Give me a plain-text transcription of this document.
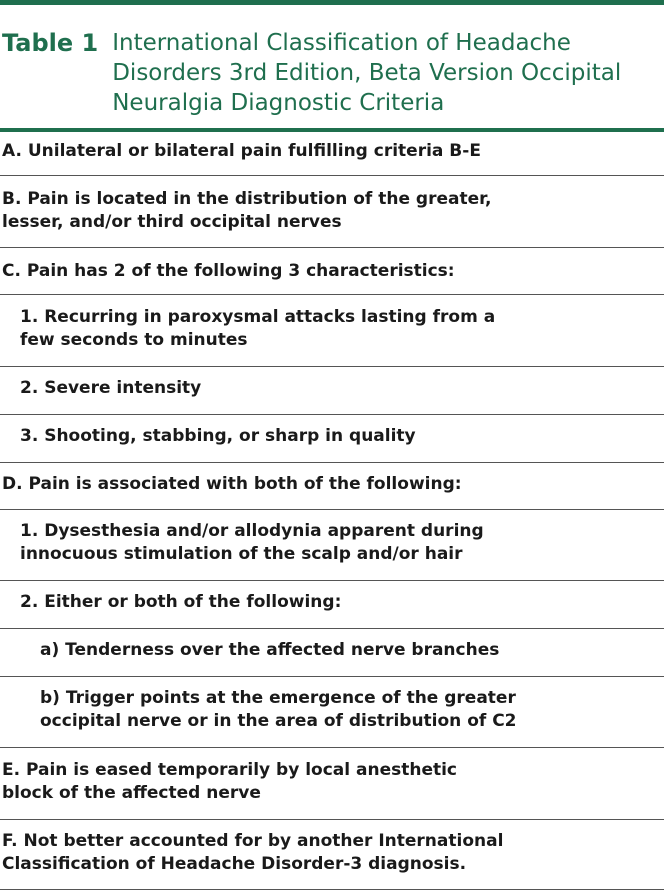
Table 1 International Classification of Headache Disorders 3rd Edition, Beta Version Occipital Neuralgia Diagnostic Criteria
A. Unilateral or bilateral pain fulfilling criteria B-E
B. Pain is located in the distribution of the greater,
lesser, and/or third occipital nerves
C. Pain has 2 of the following 3 characteristics:
1. Recurring in paroxysmal attacks lasting from a
few seconds to minutes
2. Severe intensity
3. Shooting, stabbing, or sharp in quality
D. Pain is associated with both of the following:
1. Dysesthesia and/or allodynia apparent during
innocuous stimulation of the scalp and/or hair
2. Either or both of the following:
a) Tenderness over the affected nerve branches
b) Trigger points at the emergence of the greater
occipital nerve or in the area of distribution of C2
E. Pain is eased temporarily by local anesthetic
block of the affected nerve
F. Not better accounted for by another International
Classification of Headache Disorder-3 diagnosis.
